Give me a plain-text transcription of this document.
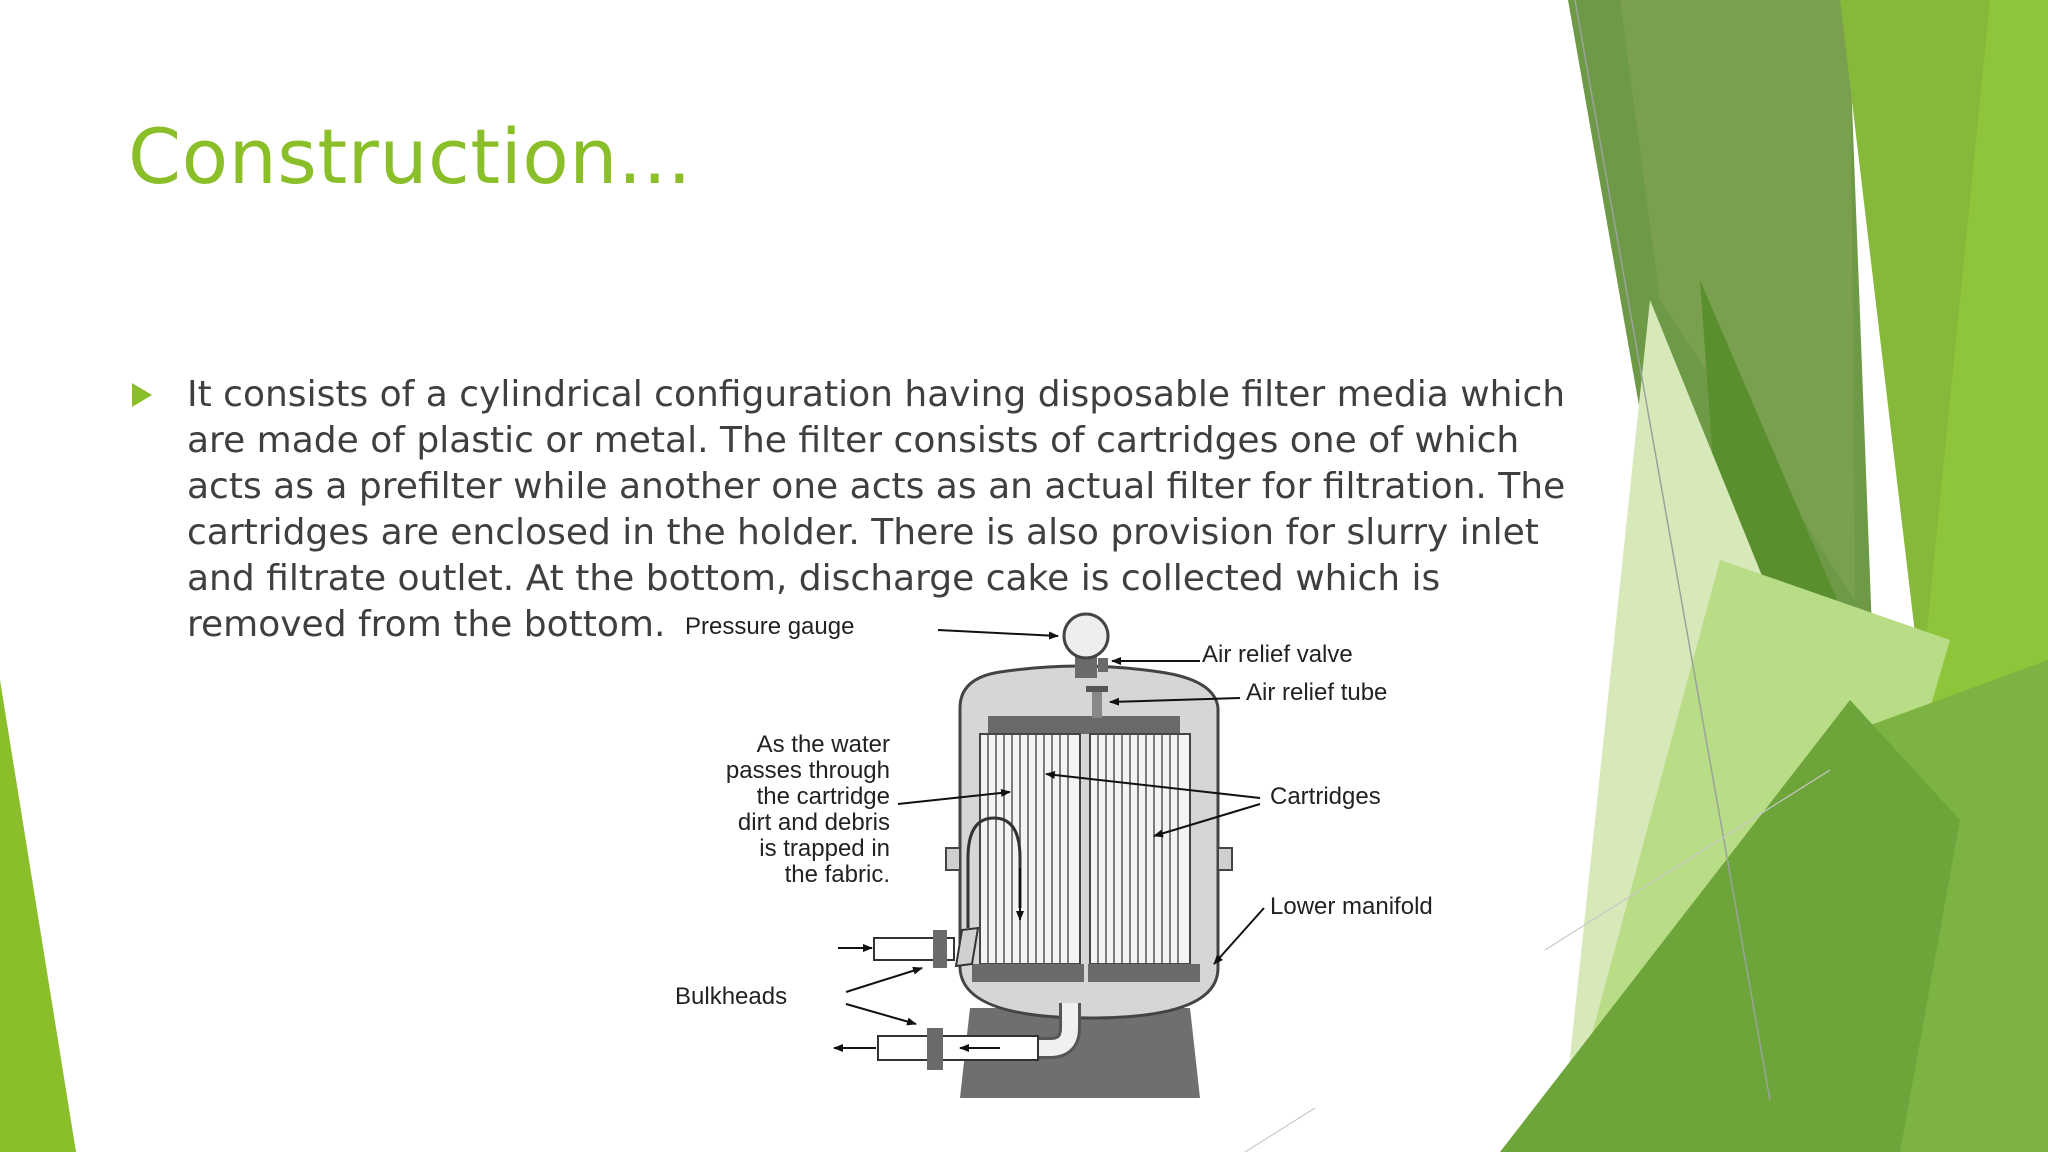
Construction...

It consists of a cylindrical configuration having disposable filter media which
are made of plastic or metal. The filter consists of cartridges one of which
acts as a prefilter while another one acts as an actual filter for filtration. The
cartridges are enclosed in the holder. There is also provision for slurry inlet
and filtrate outlet. At the bottom, discharge cake is collected which is
removed from the bottom. Pressure gauge
Air relief valve
Air relief tube
Cartridges
Lower manifold
As the water
passes through
the cartridge
dirt and debris
is trapped in
the fabric.
Bulkheads
